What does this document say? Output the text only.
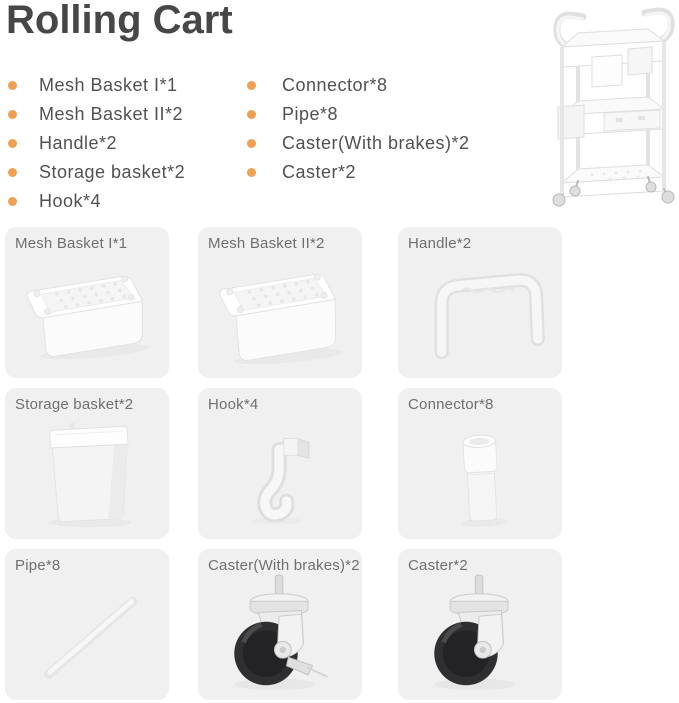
Rolling Cart
Mesh Basket I*1
Mesh Basket II*2
Handle*2
Storage basket*2
Hook*4
Connector*8
Pipe*8
Caster(With brakes)*2
Caster*2
Mesh Basket I*1	Mesh Basket II*2	Handle*2
Storage basket*2	Hook*4	Connector*8
Pipe*8	Caster(With brakes)*2	Caster*2
